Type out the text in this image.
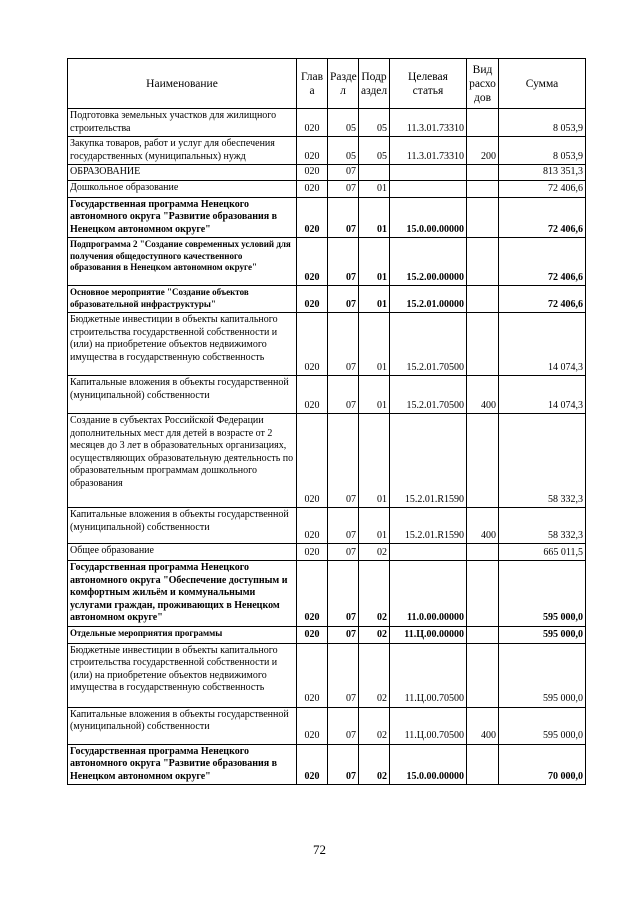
Наименование	Глав а	Разде л	Подр аздел	Целевая статья	Вид расхо дов	Сумма
Подготовка земельных участков для жилищного строительства	020	05	05	11.3.01.73310		8 053,9
Закупка товаров, работ и услуг для обеспечения государственных (муниципальных) нужд	020	05	05	11.3.01.73310	200	8 053,9
ОБРАЗОВАНИЕ	020	07				813 351,3
Дошкольное образование	020	07	01			72 406,6
Государственная программа Ненецкого автономного округа "Развитие образования в Ненецком автономном округе"	020	07	01	15.0.00.00000		72 406,6
Подпрограмма 2 "Создание современных условий для получения общедоступного качественного образования в Ненецком автономном округе"	020	07	01	15.2.00.00000		72 406,6
Основное мероприятие "Создание объектов образовательной инфраструктуры"	020	07	01	15.2.01.00000		72 406,6
Бюджетные инвестиции в объекты капитального строительства государственной собственности и (или) на приобретение объектов недвижимого имущества в государственную собственность	020	07	01	15.2.01.70500		14 074,3
Капитальные вложения в объекты государственной (муниципальной) собственности	020	07	01	15.2.01.70500	400	14 074,3
Создание в субъектах Российской Федерации дополнительных мест для детей в возрасте от 2 месяцев до 3 лет в образовательных организациях, осуществляющих образовательную деятельность по образовательным программам дошкольного образования	020	07	01	15.2.01.R1590		58 332,3
Капитальные вложения в объекты государственной (муниципальной) собственности	020	07	01	15.2.01.R1590	400	58 332,3
Общее образование	020	07	02			665 011,5
Государственная программа Ненецкого автономного округа "Обеспечение доступным и комфортным жильём и коммунальными услугами граждан, проживающих в Ненецком автономном округе"	020	07	02	11.0.00.00000		595 000,0
Отдельные мероприятия программы	020	07	02	11.Ц.00.00000		595 000,0
Бюджетные инвестиции в объекты капитального строительства государственной собственности и (или) на приобретение объектов недвижимого имущества в государственную собственность	020	07	02	11.Ц.00.70500		595 000,0
Капитальные вложения в объекты государственной (муниципальной) собственности	020	07	02	11.Ц.00.70500	400	595 000,0
Государственная программа Ненецкого автономного округа "Развитие образования в Ненецком автономном округе"	020	07	02	15.0.00.00000		70 000,0
72
